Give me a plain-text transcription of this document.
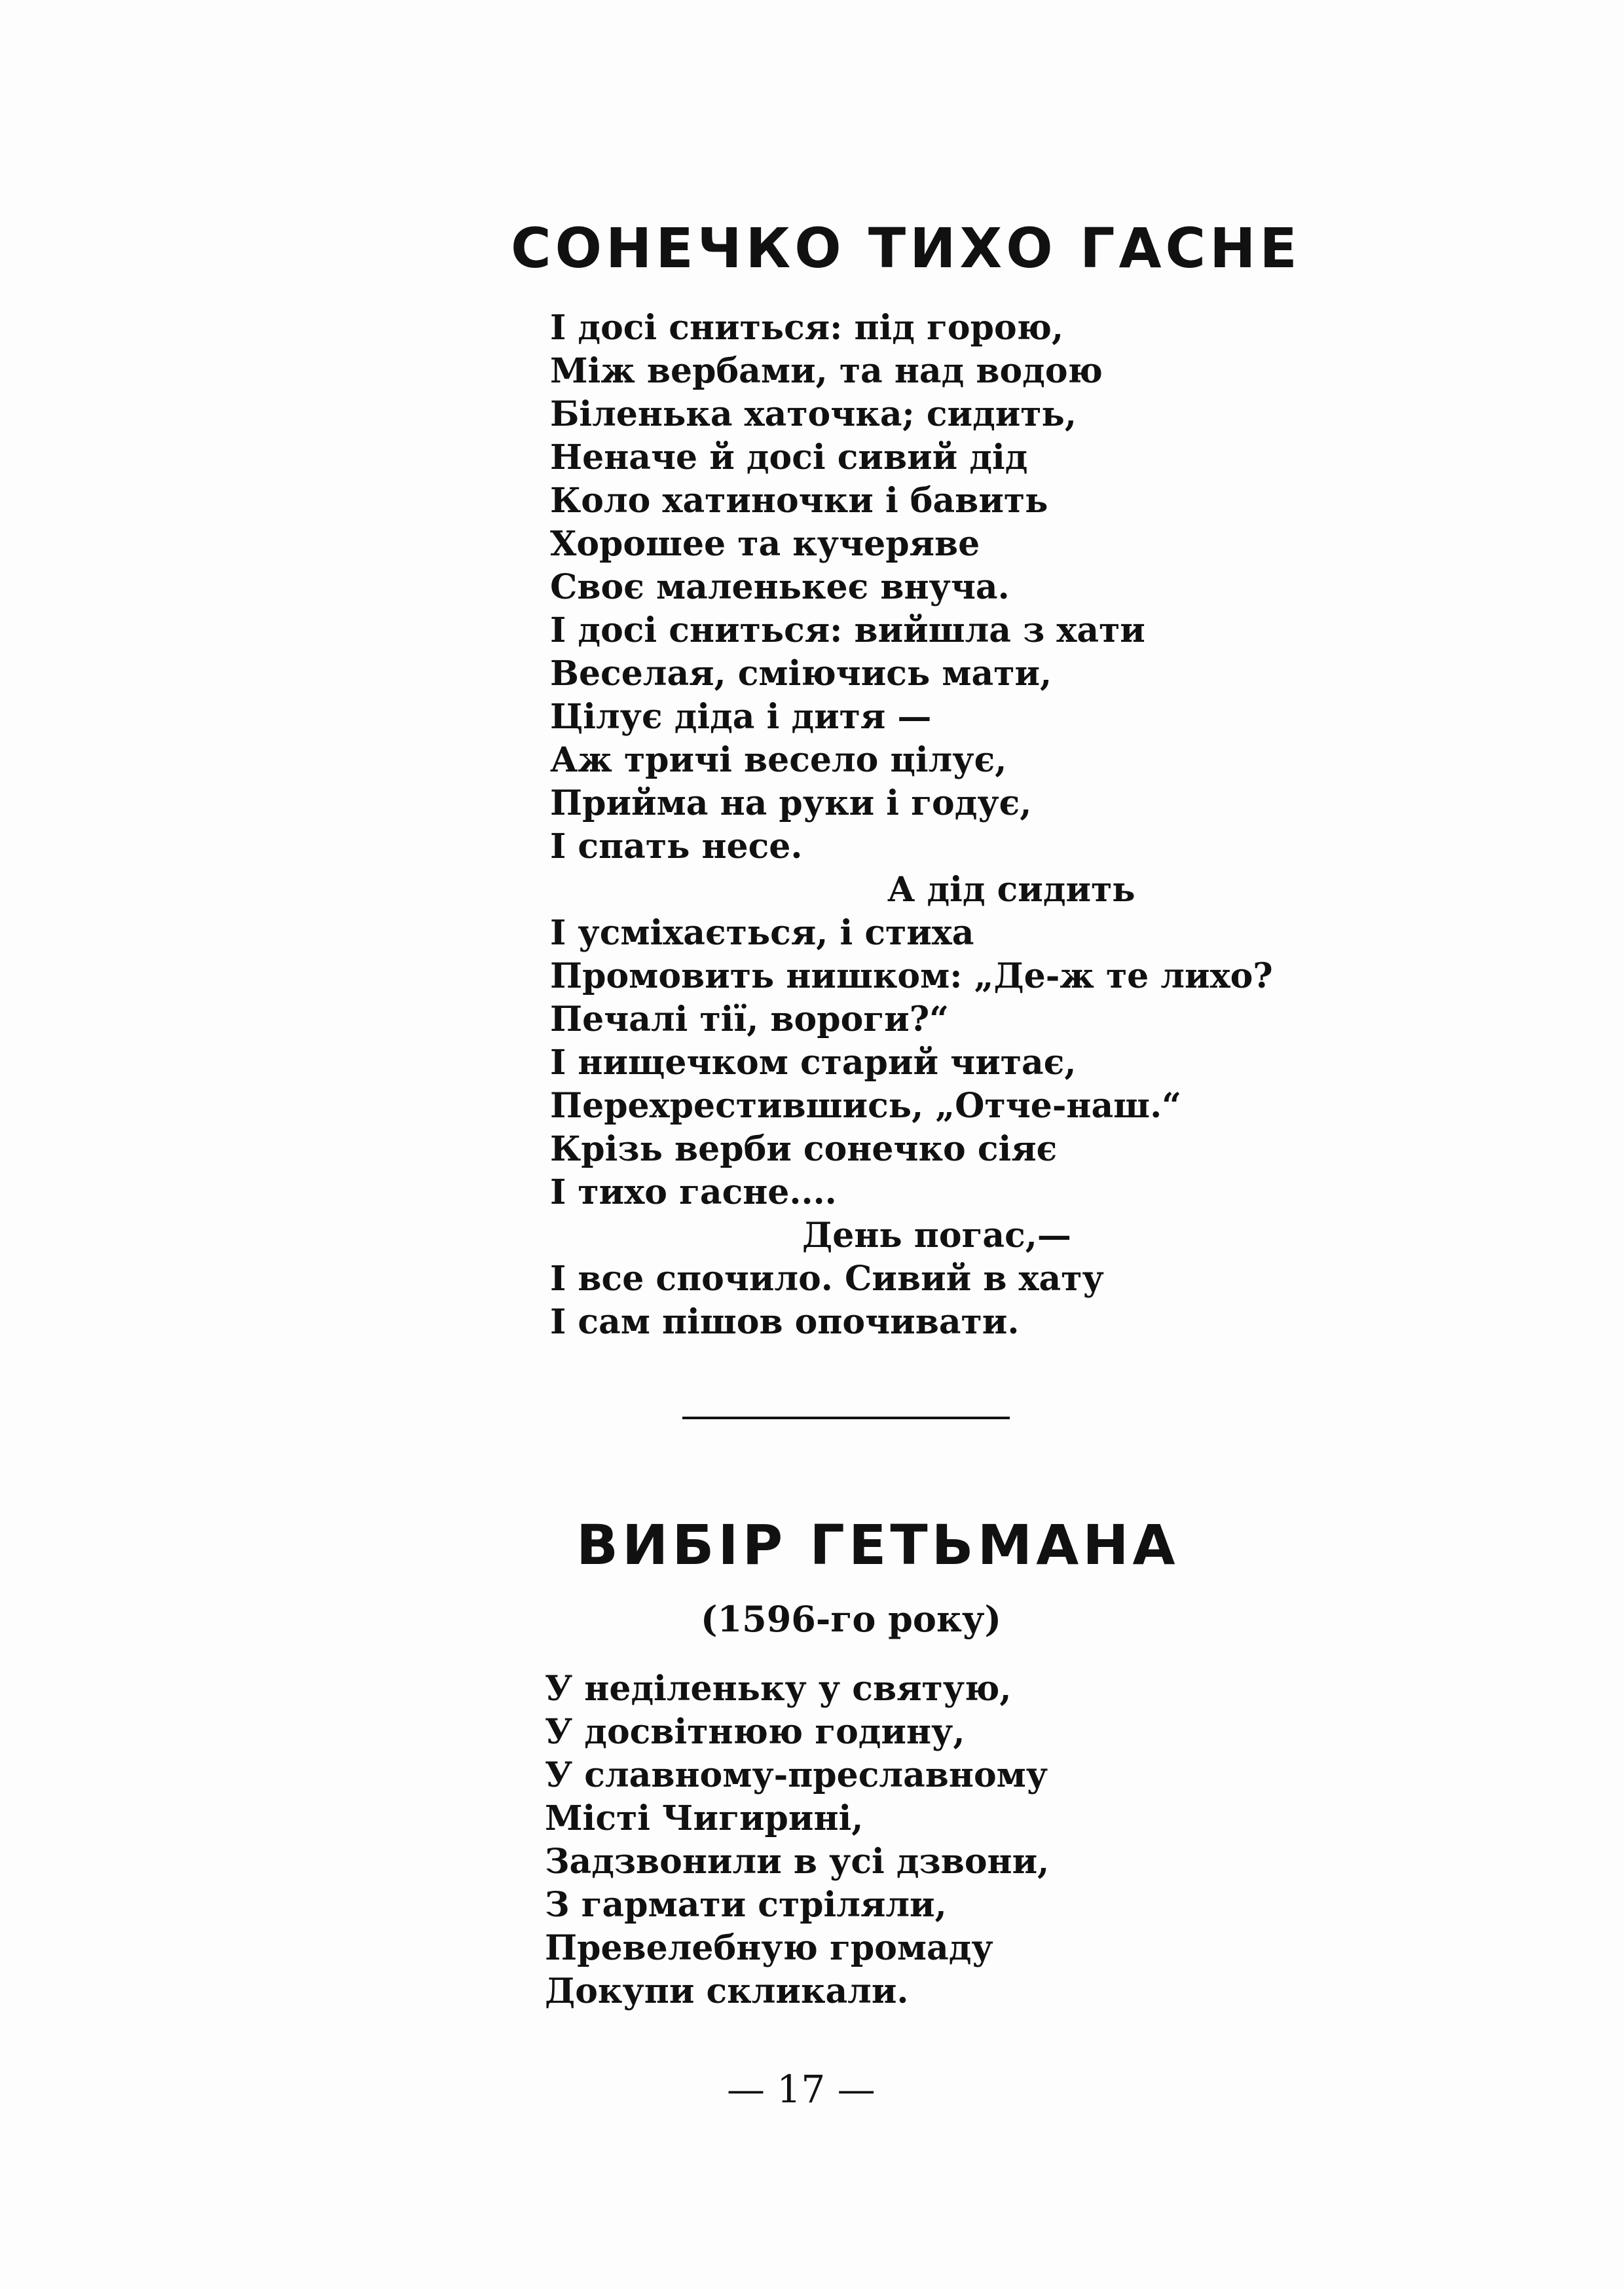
СОНЕЧКО ТИХО ГАСНЕ
І досі сниться: під горою,
Між вербами, та над водою
Біленька хаточка; сидить,
Неначе й досі сивий дід
Коло хатиночки і бавить
Хорошее та кучеряве
Своє маленькеє внуча.
І досі сниться: вийшла з хати
Веселая, сміючись мати,
Цілує діда і дитя —
Аж тричі весело цілує,
Прийма на руки і годує,
І спать несе.
А дід сидить
І усміхається, і стиха
Промовить нишком: „Де-ж те лихо?
Печалі тії, вороги?“
І нищечком старий читає,
Перехрестившись, „Отче-наш.“
Крізь верби сонечко сіяє
І тихо гасне....
День погас,—
І все спочило. Сивий в хату
І сам пішов опочивати.
ВИБІР ГЕТЬМАНА
(1596-го року)
У неділеньку у святую,
У досвітнюю годину,
У славному-преславному
Місті Чигирині,
Задзвонили в усі дзвони,
З гармати стріляли,
Превелебную громаду
Докупи скликали.
— 17 —
